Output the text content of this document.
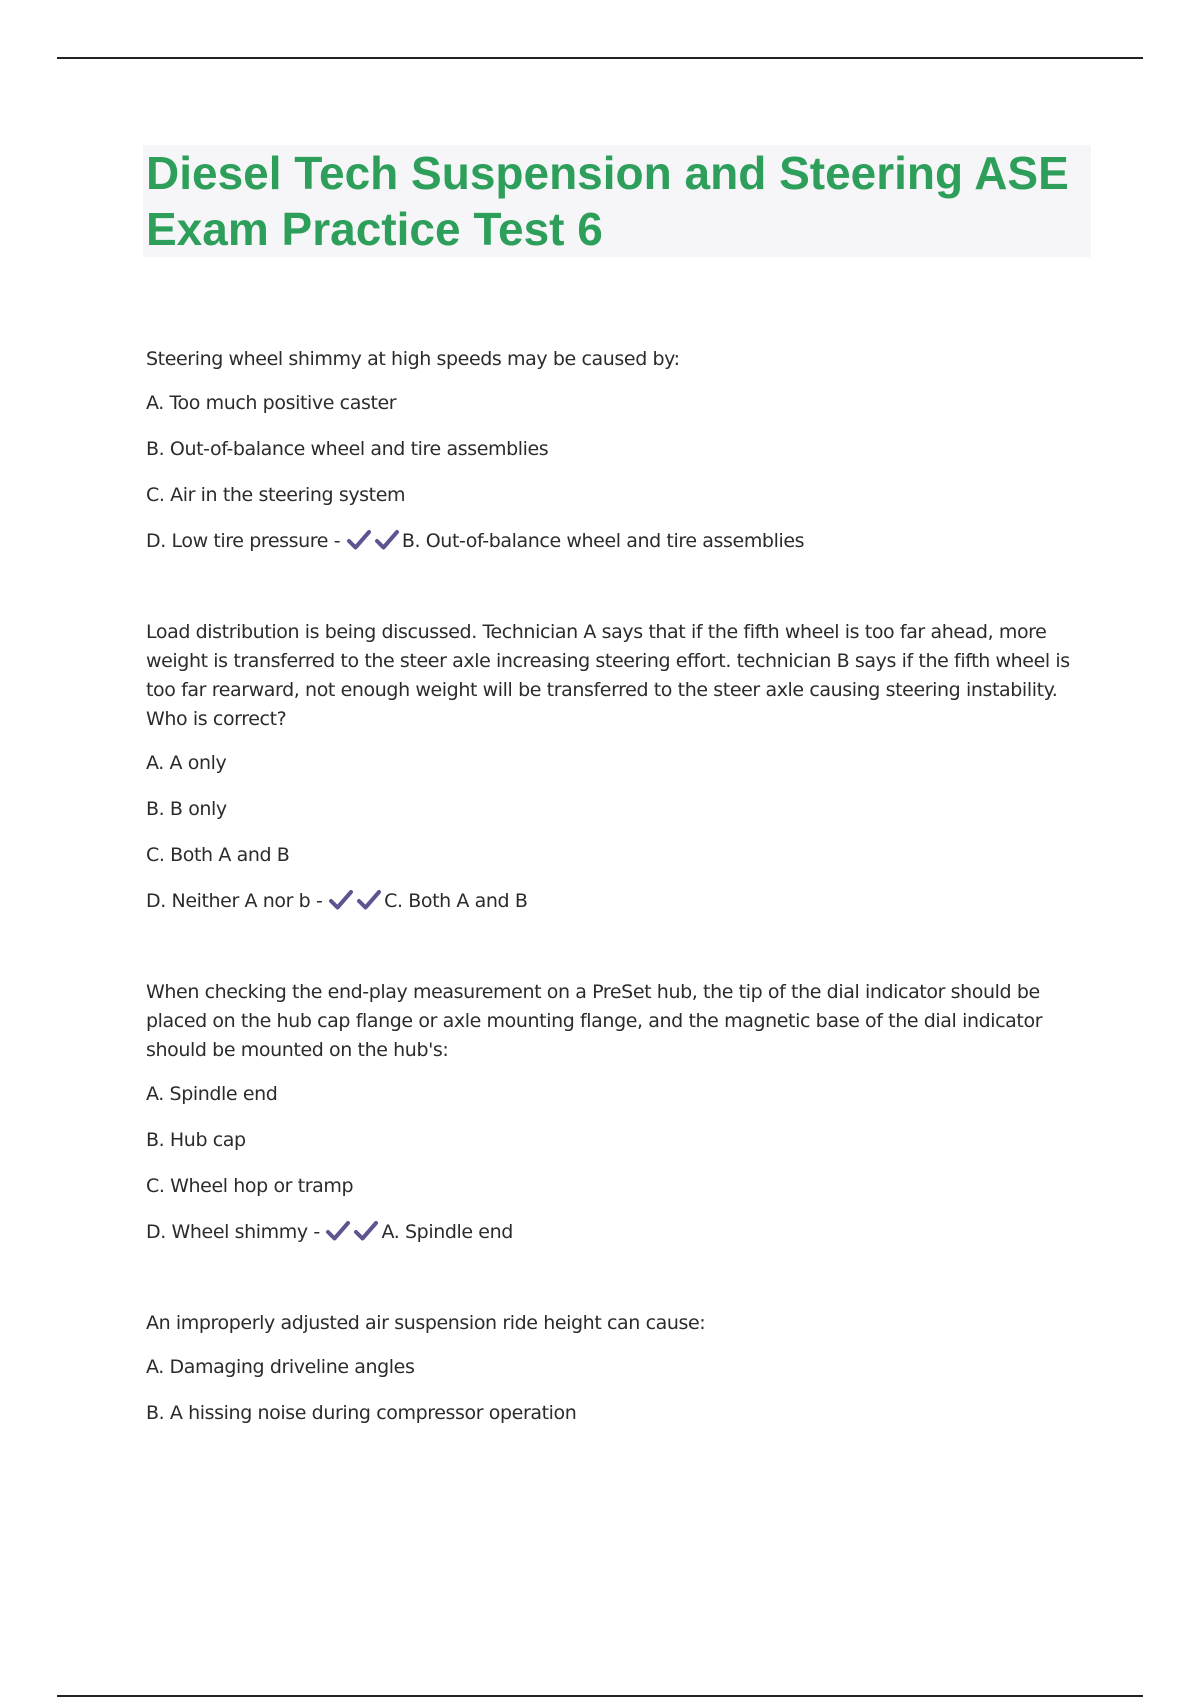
Diesel Tech Suspension and Steering ASE Exam Practice Test 6

Steering wheel shimmy at high speeds may be caused by:

A. Too much positive caster

B. Out-of-balance wheel and tire assemblies

C. Air in the steering system

D. Low tire pressure -	B. Out-of-balance wheel and tire assemblies

Load distribution is being discussed. Technician A says that if the fifth wheel is too far ahead, more weight is transferred to the steer axle increasing steering effort. technician B says if the fifth wheel is too far rearward, not enough weight will be transferred to the steer axle causing steering instability. Who is correct?

A. A only

B. B only

C. Both A and B

D. Neither A nor b -	C. Both A and B

When checking the end-play measurement on a PreSet hub, the tip of the dial indicator should be placed on the hub cap flange or axle mounting flange, and the magnetic base of the dial indicator should be mounted on the hub's:

A. Spindle end

B. Hub cap

C. Wheel hop or tramp

D. Wheel shimmy -	A. Spindle end

An improperly adjusted air suspension ride height can cause:

A. Damaging driveline angles

B. A hissing noise during compressor operation
